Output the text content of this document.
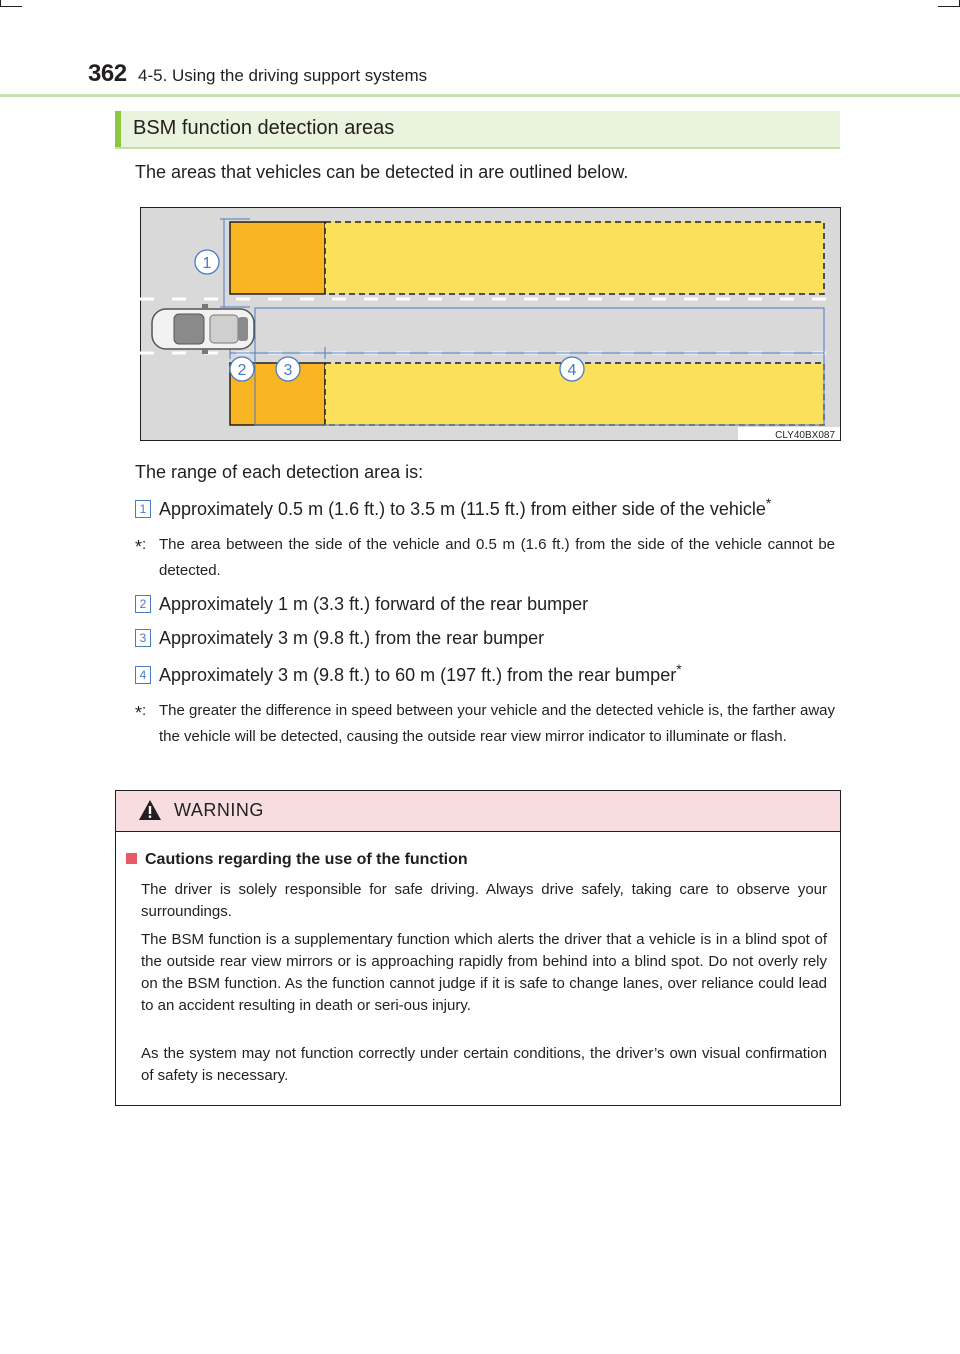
362 4-5. Using the driving support systems
BSM function detection areas
The areas that vehicles can be detected in are outlined below.
1
2 3	4
CLY40BX087
The range of each detection area is:
1 Approximately 0.5 m (1.6 ft.) to 3.5 m (11.5 ft.) from either side of the vehicle*
*: The area between the side of the vehicle and 0.5 m (1.6 ft.) from the side of the vehicle cannot be detected.
2 Approximately 1 m (3.3 ft.) forward of the rear bumper
3 Approximately 3 m (9.8 ft.) from the rear bumper
4 Approximately 3 m (9.8 ft.) to 60 m (197 ft.) from the rear bumper*
*: The greater the difference in speed between your vehicle and the detected vehicle is, the farther away the vehicle will be detected, causing the outside rear view mirror indicator to illuminate or flash.
WARNING
Cautions regarding the use of the function
The driver is solely responsible for safe driving. Always drive safely, taking care to observe your surroundings.
The BSM function is a supplementary function which alerts the driver that a vehicle is in a blind spot of the outside rear view mirrors or is approaching rapidly from behind into a blind spot. Do not overly rely on the BSM function. As the function cannot judge if it is safe to change lanes, over reliance could lead to an accident resulting in death or seri-ous injury.
As the system may not function correctly under certain conditions, the driver’s own visual confirmation of safety is necessary.
